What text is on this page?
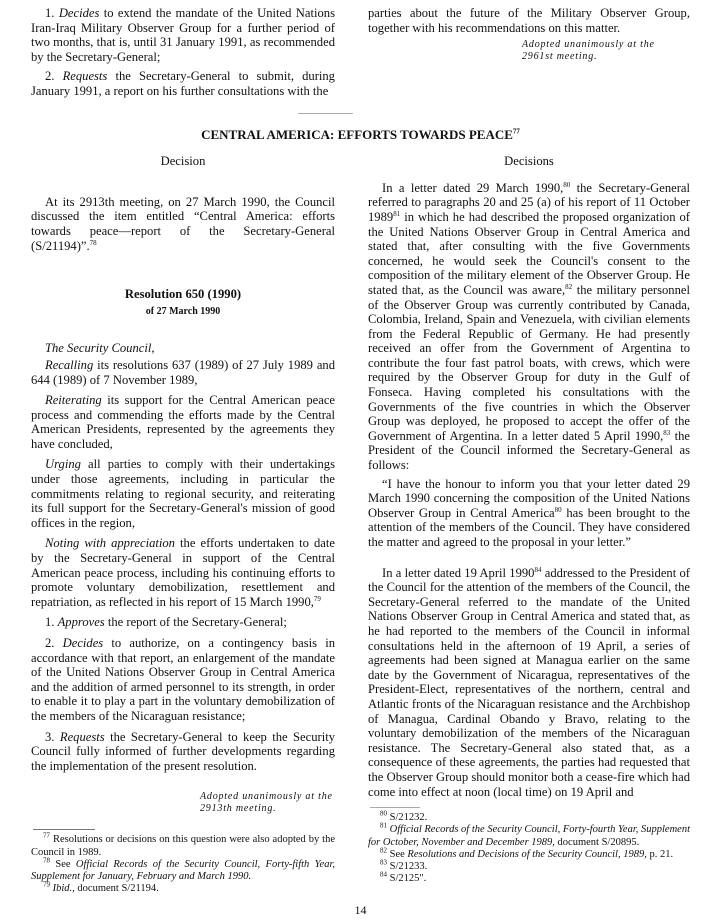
1. Decides to extend the mandate of the United Nations Iran-Iraq Military Observer Group for a further period of two months, that is, until 31 January 1991, as recommended by the Secretary-General;

2. Requests the Secretary-General to submit, during January 1991, a report on his further consultations with the

parties about the future of the Military Observer Group, together with his recommendations on this matter.

Adopted unanimously at the
2961st meeting.
CENTRAL AMERICA: EFFORTS TOWARDS PEACE$^{77}$
Decision

At its 2913th meeting, on 27 March 1990, the Council discussed the item entitled “Central America: efforts towards peace—report of the Secretary-General (S/21194)”.$^{78}$

Resolution 650 (1990)
of 27 March 1990

The Security Council,

Recalling its resolutions 637 (1989) of 27 July 1989 and 644 (1989) of 7 November 1989,

Reiterating its support for the Central American peace process and commending the efforts made by the Central American Presidents, represented by the agreements they have concluded,

Urging all parties to comply with their undertakings under those agreements, including in particular the commitments relating to regional security, and reiterating its full support for the Secretary-General's mission of good offices in the region,

Noting with appreciation the efforts undertaken to date by the Secretary-General in support of the Central American peace process, including his continuing efforts to promote voluntary demobilization, resettlement and repatriation, as reflected in his report of 15 March 1990,79

1. Approves the report of the Secretary-General;

2. Decides to authorize, on a contingency basis in accordance with that report, an enlargement of the mandate of the United Nations Observer Group in Central America and the addition of armed personnel to its strength, in order to enable it to play a part in the voluntary demobilization of the members of the Nicaraguan resistance;

3. Requests the Secretary-General to keep the Security Council fully informed of further developments regarding the implementation of the present resolution.

Adopted unanimously at the
2913th meeting.

$^{77}$ Resolutions or decisions on this question were also adopted by the Council in 1989.

$^{78}$ See Official Records of the Security Council, Forty-fifth Year, Supplement for January, February and March 1990.

$^{79}$ Ibid., document S/21194.

Decisions

In a letter dated 29 March 1990,80 the Secretary-General referred to paragraphs 20 and 25 (a) of his report of 11 October 1989$^{81}$ in which he had described the proposed organization of the United Nations Observer Group in Central America and stated that, after consulting with the five Governments concerned, he would seek the Council's consent to the composition of the military element of the Observer Group. He stated that, as the Council was aware,$^{82}$ the military personnel of the Observer Group was currently contributed by Canada, Colombia, Ireland, Spain and Venezuela, with civilian elements from the Federal Republic of Germany. He had presently received an offer from the Government of Argentina to contribute the four fast patrol boats, with crews, which were required by the Observer Group for duty in the Gulf of Fonseca. Having completed his consultations with the Governments of the five countries in which the Observer Group was deployed, he proposed to accept the offer of the Government of Argentina. In a letter dated 5 April 1990,83 the President of the Council informed the Secretary-General as follows:

“I have the honour to inform you that your letter dated 29 March 1990 concerning the composition of the United Nations Observer Group in Central America$^{80}$ has been brought to the attention of the members of the Council. They have considered the matter and agreed to the proposal in your letter.”

In a letter dated 19 April 1990$^{84}$ addressed to the President of the Council for the attention of the members of the Council, the Secretary-General referred to the mandate of the United Nations Observer Group in Central America and stated that, as he had reported to the members of the Council in informal consultations held in the afternoon of 19 April, a series of agreements had been signed at Managua earlier on the same date by the Government of Nicaragua, representatives of the President-Elect, representatives of the northern, central and Atlantic fronts of the Nicaraguan resistance and the Archbishop of Managua, Cardinal Obando y Bravo, relating to the voluntary demobilization of the members of the Nicaraguan resistance. The Secretary-General also stated that, as a consequence of these agreements, the parties had requested that the Observer Group should monitor both a cease-fire which had come into effect at noon (local time) on 19 April and

$^{80}$ S/21232.

$^{81}$ Official Records of the Security Council, Forty-fourth Year, Supplement for October, November and December 1989, document S/20895.

$^{82}$ See Resolutions and Decisions of the Security Council, 1989, p. 21.

$^{83}$ S/21233.

$^{84}$ S/2125".

14
